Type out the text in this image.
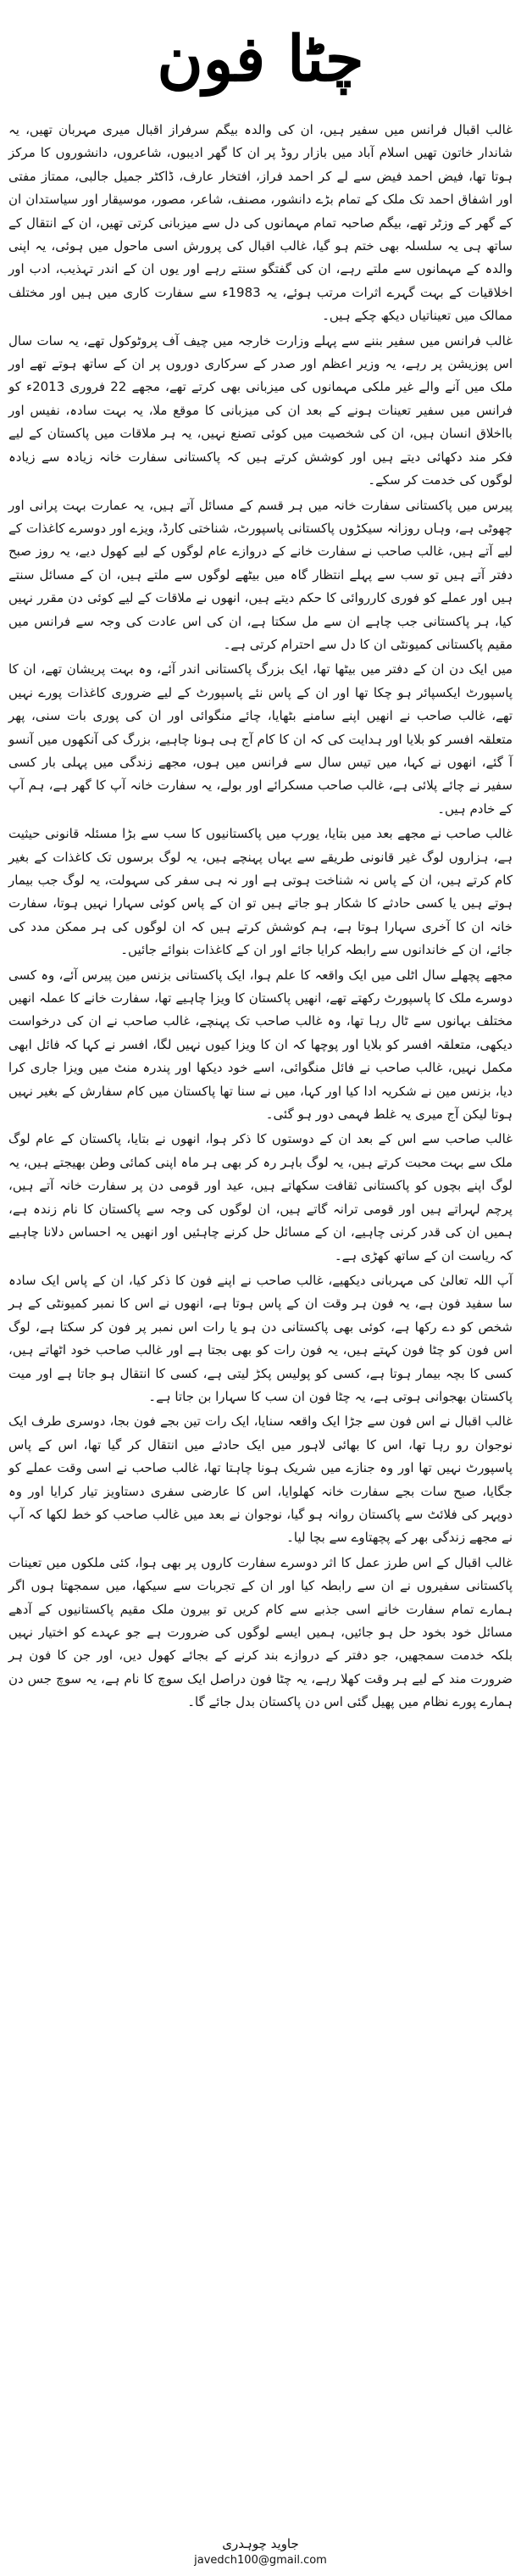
چٹا فون

غالب اقبال فرانس میں سفیر ہیں، ان کی والدہ بیگم سرفراز اقبال میری مہربان تھیں، یہ شاندار خاتون تھیں اسلام آباد میں بازار روڈ پر ان کا گھر ادیبوں، شاعروں، دانشوروں کا مرکز ہوتا تھا، فیض احمد فیض سے لے کر احمد فراز، افتخار عارف، ڈاکٹر جمیل جالبی، ممتاز مفتی اور اشفاق احمد تک ملک کے تمام بڑے دانشور، مصنف، شاعر، مصور، موسیقار اور سیاستدان ان کے گھر کے وزٹر تھے، بیگم صاحبہ تمام مہمانوں کی دل سے میزبانی کرتی تھیں، ان کے انتقال کے ساتھ ہی یہ سلسلہ بھی ختم ہو گیا، غالب اقبال کی پرورش اسی ماحول میں ہوئی، یہ اپنی والدہ کے مہمانوں سے ملتے رہے، ان کی گفتگو سنتے رہے اور یوں ان کے اندر تہذیب، ادب اور اخلاقیات کے بہت گہرے اثرات مرتب ہوئے، یہ 1983ء سے سفارت کاری میں ہیں اور مختلف ممالک میں تعیناتیاں دیکھ چکے ہیں۔

غالب فرانس میں سفیر بننے سے پہلے وزارت خارجہ میں چیف آف پروٹوکول تھے، یہ سات سال اس پوزیشن پر رہے، یہ وزیر اعظم اور صدر کے سرکاری دوروں پر ان کے ساتھ ہوتے تھے اور ملک میں آنے والے غیر ملکی مہمانوں کی میزبانی بھی کرتے تھے، مجھے 22 فروری 2013ء کو فرانس میں سفیر تعینات ہونے کے بعد ان کی میزبانی کا موقع ملا، یہ بہت سادہ، نفیس اور بااخلاق انسان ہیں، ان کی شخصیت میں کوئی تصنع نہیں، یہ ہر ملاقات میں پاکستان کے لیے فکر مند دکھائی دیتے ہیں اور کوشش کرتے ہیں کہ پاکستانی سفارت خانہ زیادہ سے زیادہ لوگوں کی خدمت کر سکے۔

پیرس میں پاکستانی سفارت خانہ میں ہر قسم کے مسائل آتے ہیں، یہ عمارت بہت پرانی اور چھوٹی ہے، وہاں روزانہ سیکڑوں پاکستانی پاسپورٹ، شناختی کارڈ، ویزے اور دوسرے کاغذات کے لیے آتے ہیں، غالب صاحب نے سفارت خانے کے دروازے عام لوگوں کے لیے کھول دیے، یہ روز صبح دفتر آتے ہیں تو سب سے پہلے انتظار گاہ میں بیٹھے لوگوں سے ملتے ہیں، ان کے مسائل سنتے ہیں اور عملے کو فوری کارروائی کا حکم دیتے ہیں، انھوں نے ملاقات کے لیے کوئی دن مقرر نہیں کیا، ہر پاکستانی جب چاہے ان سے مل سکتا ہے، ان کی اس عادت کی وجہ سے فرانس میں مقیم پاکستانی کمیونٹی ان کا دل سے احترام کرتی ہے۔

میں ایک دن ان کے دفتر میں بیٹھا تھا، ایک بزرگ پاکستانی اندر آئے، وہ بہت پریشان تھے، ان کا پاسپورٹ ایکسپائر ہو چکا تھا اور ان کے پاس نئے پاسپورٹ کے لیے ضروری کاغذات پورے نہیں تھے، غالب صاحب نے انھیں اپنے سامنے بٹھایا، چائے منگوائی اور ان کی پوری بات سنی، پھر متعلقہ افسر کو بلایا اور ہدایت کی کہ ان کا کام آج ہی ہونا چاہیے، بزرگ کی آنکھوں میں آنسو آ گئے، انھوں نے کہا، میں تیس سال سے فرانس میں ہوں، مجھے زندگی میں پہلی بار کسی سفیر نے چائے پلائی ہے، غالب صاحب مسکرائے اور بولے، یہ سفارت خانہ آپ کا گھر ہے، ہم آپ کے خادم ہیں۔

غالب صاحب نے مجھے بعد میں بتایا، یورپ میں پاکستانیوں کا سب سے بڑا مسئلہ قانونی حیثیت ہے، ہزاروں لوگ غیر قانونی طریقے سے یہاں پہنچے ہیں، یہ لوگ برسوں تک کاغذات کے بغیر کام کرتے ہیں، ان کے پاس نہ شناخت ہوتی ہے اور نہ ہی سفر کی سہولت، یہ لوگ جب بیمار ہوتے ہیں یا کسی حادثے کا شکار ہو جاتے ہیں تو ان کے پاس کوئی سہارا نہیں ہوتا، سفارت خانہ ان کا آخری سہارا ہوتا ہے، ہم کوشش کرتے ہیں کہ ان لوگوں کی ہر ممکن مدد کی جائے، ان کے خاندانوں سے رابطہ کرایا جائے اور ان کے کاغذات بنوائے جائیں۔

مجھے پچھلے سال اٹلی میں ایک واقعہ کا علم ہوا، ایک پاکستانی بزنس مین پیرس آئے، وہ کسی دوسرے ملک کا پاسپورٹ رکھتے تھے، انھیں پاکستان کا ویزا چاہیے تھا، سفارت خانے کا عملہ انھیں مختلف بہانوں سے ٹال رہا تھا، وہ غالب صاحب تک پہنچے، غالب صاحب نے ان کی درخواست دیکھی، متعلقہ افسر کو بلایا اور پوچھا کہ ان کا ویزا کیوں نہیں لگا، افسر نے کہا کہ فائل ابھی مکمل نہیں، غالب صاحب نے فائل منگوائی، اسے خود دیکھا اور پندرہ منٹ میں ویزا جاری کرا دیا، بزنس مین نے شکریہ ادا کیا اور کہا، میں نے سنا تھا پاکستان میں کام سفارش کے بغیر نہیں ہوتا لیکن آج میری یہ غلط فہمی دور ہو گئی۔

غالب صاحب سے اس کے بعد ان کے دوستوں کا ذکر ہوا، انھوں نے بتایا، پاکستان کے عام لوگ ملک سے بہت محبت کرتے ہیں، یہ لوگ باہر رہ کر بھی ہر ماہ اپنی کمائی وطن بھیجتے ہیں، یہ لوگ اپنے بچوں کو پاکستانی ثقافت سکھاتے ہیں، عید اور قومی دن پر سفارت خانہ آتے ہیں، پرچم لہراتے ہیں اور قومی ترانہ گاتے ہیں، ان لوگوں کی وجہ سے پاکستان کا نام زندہ ہے، ہمیں ان کی قدر کرنی چاہیے، ان کے مسائل حل کرنے چاہئیں اور انھیں یہ احساس دلانا چاہیے کہ ریاست ان کے ساتھ کھڑی ہے۔

آپ اللہ تعالیٰ کی مہربانی دیکھیے، غالب صاحب نے اپنے فون کا ذکر کیا، ان کے پاس ایک سادہ سا سفید فون ہے، یہ فون ہر وقت ان کے پاس ہوتا ہے، انھوں نے اس کا نمبر کمیونٹی کے ہر شخص کو دے رکھا ہے، کوئی بھی پاکستانی دن ہو یا رات اس نمبر پر فون کر سکتا ہے، لوگ اس فون کو چٹا فون کہتے ہیں، یہ فون رات کو بھی بجتا ہے اور غالب صاحب خود اٹھاتے ہیں، کسی کا بچہ بیمار ہوتا ہے، کسی کو پولیس پکڑ لیتی ہے، کسی کا انتقال ہو جاتا ہے اور میت پاکستان بھجوانی ہوتی ہے، یہ چٹا فون ان سب کا سہارا بن جاتا ہے۔

غالب اقبال نے اس فون سے جڑا ایک واقعہ سنایا، ایک رات تین بجے فون بجا، دوسری طرف ایک نوجوان رو رہا تھا، اس کا بھائی لاہور میں ایک حادثے میں انتقال کر گیا تھا، اس کے پاس پاسپورٹ نہیں تھا اور وہ جنازے میں شریک ہونا چاہتا تھا، غالب صاحب نے اسی وقت عملے کو جگایا، صبح سات بجے سفارت خانہ کھلوایا، اس کا عارضی سفری دستاویز تیار کرایا اور وہ دوپہر کی فلائٹ سے پاکستان روانہ ہو گیا، نوجوان نے بعد میں غالب صاحب کو خط لکھا کہ آپ نے مجھے زندگی بھر کے پچھتاوے سے بچا لیا۔

غالب اقبال کے اس طرز عمل کا اثر دوسرے سفارت کاروں پر بھی ہوا، کئی ملکوں میں تعینات پاکستانی سفیروں نے ان سے رابطہ کیا اور ان کے تجربات سے سیکھا، میں سمجھتا ہوں اگر ہمارے تمام سفارت خانے اسی جذبے سے کام کریں تو بیرون ملک مقیم پاکستانیوں کے آدھے مسائل خود بخود حل ہو جائیں، ہمیں ایسے لوگوں کی ضرورت ہے جو عہدے کو اختیار نہیں بلکہ خدمت سمجھیں، جو دفتر کے دروازے بند کرنے کے بجائے کھول دیں، اور جن کا فون ہر ضرورت مند کے لیے ہر وقت کھلا رہے، یہ چٹا فون دراصل ایک سوچ کا نام ہے، یہ سوچ جس دن ہمارے پورے نظام میں پھیل گئی اس دن پاکستان بدل جائے گا۔

جاوید چوہدری
javedch100@gmail.com
